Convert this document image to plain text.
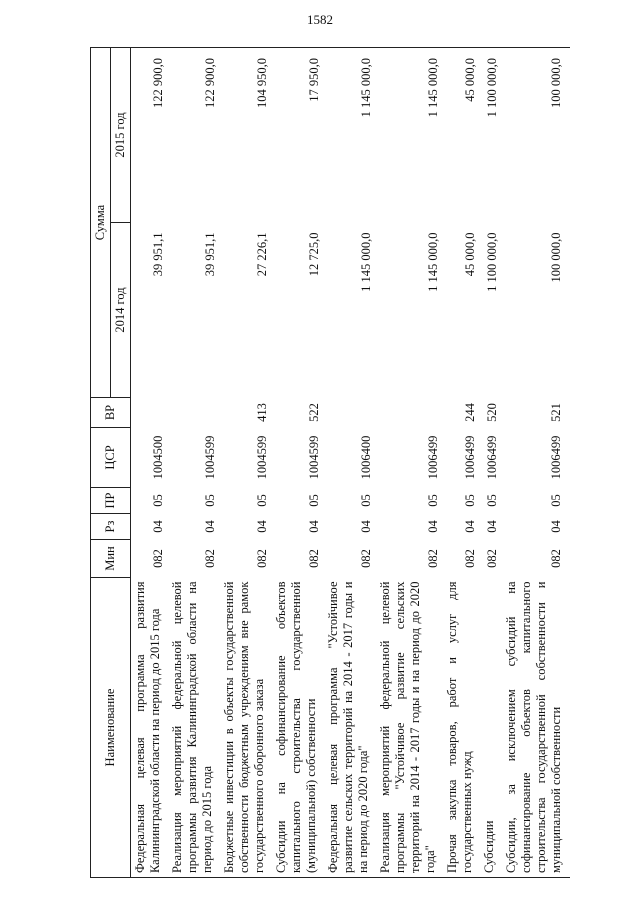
1582
Наименование	Мин	Рз	ПР	ЦСР	ВР	Сумма	
						2014 год	2015 год
Федеральная целевая программа развития Калининградской области на период до 2015 года	082	04	05	1004500		39 951,1	122 900,0
Реализация мероприятий федеральной целевой программы развития Калининградской области на период до 2015 года	082	04	05	1004599		39 951,1	122 900,0
Бюджетные инвестиции в объекты государственной собственности бюджетным учреждениям вне рамок государственного оборонного заказа	082	04	05	1004599	413	27 226,1	104 950,0
Субсидии на софинансирование объектов капитального строительства государственной (муниципальной) собственности	082	04	05	1004599	522	12 725,0	17 950,0
Федеральная целевая программа "Устойчивое развитие сельских территорий на 2014 - 2017 годы и на период до 2020 года"	082	04	05	1006400		1 145 000,0	1 145 000,0
Реализация мероприятий федеральной целевой программы "Устойчивое развитие сельских территорий на 2014 - 2017 годы и на период до 2020 года"	082	04	05	1006499		1 145 000,0	1 145 000,0
Прочая закупка товаров, работ и услуг для государственных нужд	082	04	05	1006499	244	45 000,0	45 000,0
Субсидии	082	04	05	1006499	520	1 100 000,0	1 100 000,0
Субсидии, за исключением субсидий на софинансирование объектов капитального строительства государственной собственности и муниципальной собственности	082	04	05	1006499	521	100 000,0	100 000,0
